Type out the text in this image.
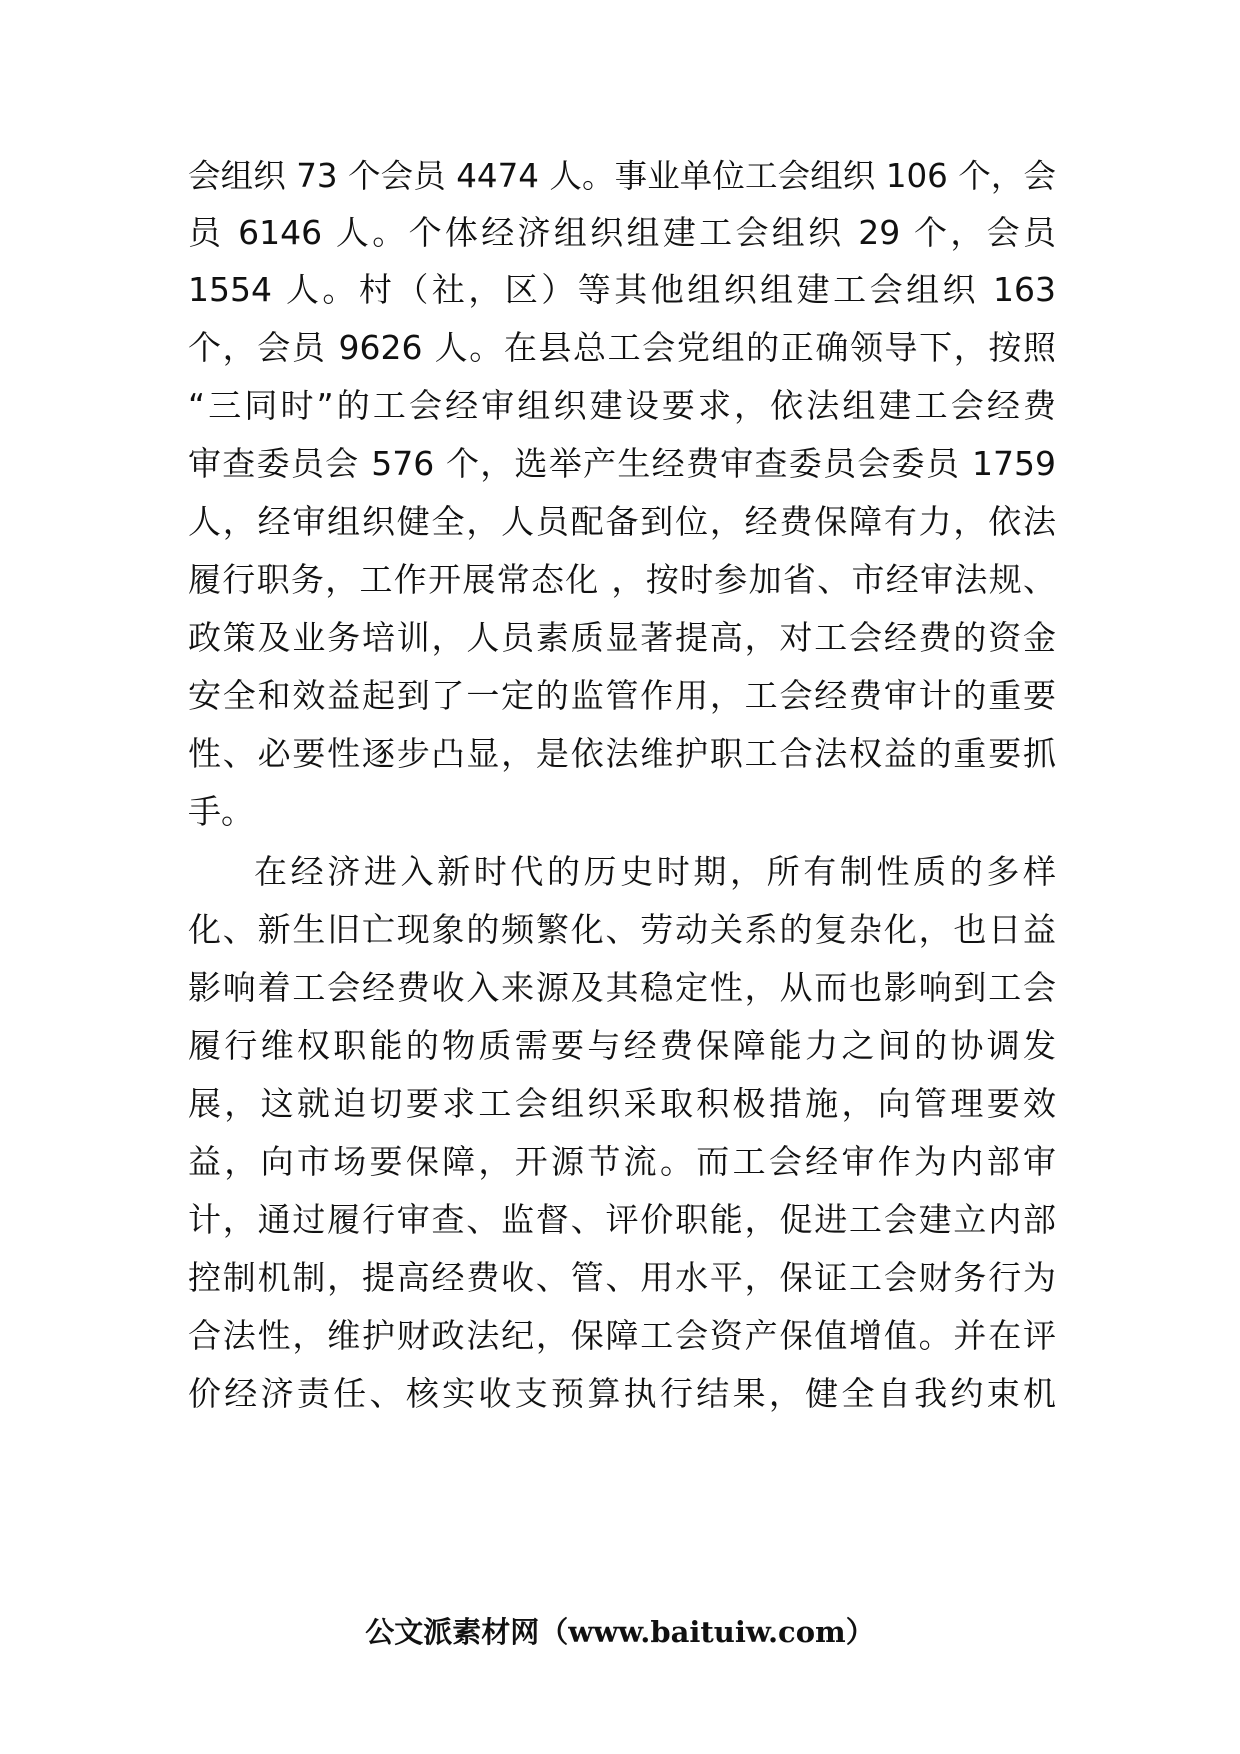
会组织 73 个会员 4474 人。事业单位工会组织 106 个，会
员 6146 人。个体经济组织组建工会组织 29 个，会员
1554 人。村（社，区）等其他组织组建工会组织 163
个，会员 9626 人。在县总工会党组的正确领导下，按照
“三同时”的工会经审组织建设要求，依法组建工会经费
审查委员会 576 个，选举产生经费审查委员会委员 1759
人，经审组织健全，人员配备到位，经费保障有力，依法
履行职务，工作开展常态化 ，按时参加省、市经审法规、
政策及业务培训，人员素质显著提高，对工会经费的资金
安全和效益起到了一定的监管作用，工会经费审计的重要
性、必要性逐步凸显，是依法维护职工合法权益的重要抓
手。
在经济进入新时代的历史时期，所有制性质的多样
化、新生旧亡现象的频繁化、劳动关系的复杂化，也日益
影响着工会经费收入来源及其稳定性，从而也影响到工会
履行维权职能的物质需要与经费保障能力之间的协调发
展，这就迫切要求工会组织采取积极措施，向管理要效
益，向市场要保障，开源节流。而工会经审作为内部审
计，通过履行审查、监督、评价职能，促进工会建立内部
控制机制，提高经费收、管、用水平，保证工会财务行为
合法性，维护财政法纪，保障工会资产保值增值。并在评
价经济责任、核实收支预算执行结果，健全自我约束机
公文派素材网（www.baituiw.com）
